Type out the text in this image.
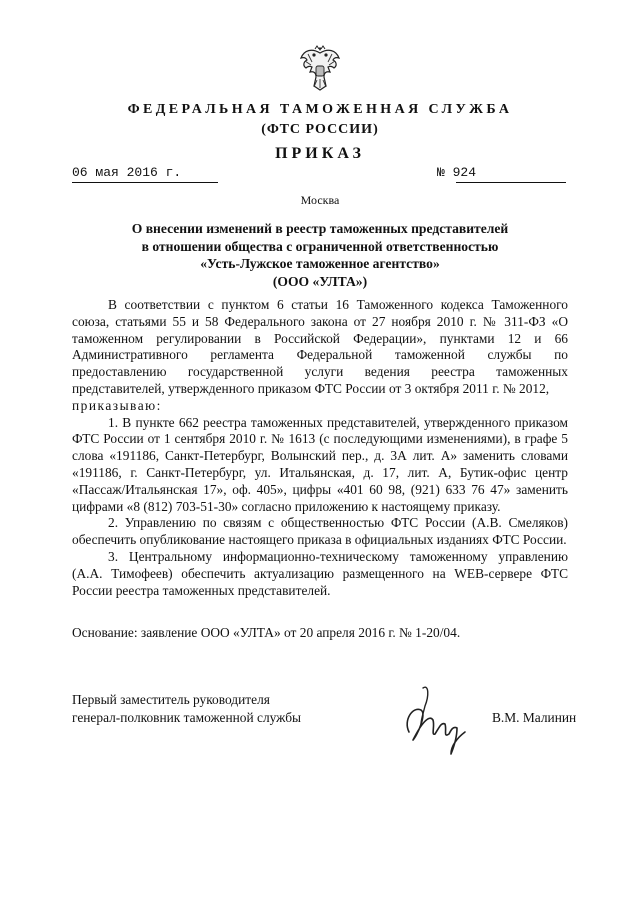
ФЕДЕРАЛЬНАЯ ТАМОЖЕННАЯ СЛУЖБА
(ФТС РОССИИ)
ПРИКАЗ
06 мая 2016 г.	№ 924
Москва
О внесении изменений в реестр таможенных представителей
в отношении общества с ограниченной ответственностью
«Усть-Лужское таможенное агентство»
(ООО «УЛТА»)

В соответствии с пунктом 6 статьи 16 Таможенного кодекса Таможенного союза, статьями 55 и 58 Федерального закона от 27 ноября 2010 г. № 311-ФЗ «О таможенном регулировании в Российской Федерации», пунктами 12 и 66 Административного регламента Федеральной таможенной службы по предоставлению государственной услуги ведения реестра таможенных представителей, утвержденного приказом ФТС России от 3 октября 2011 г. № 2012,

приказываю:

1. В пункте 662 реестра таможенных представителей, утвержденного приказом ФТС России от 1 сентября 2010 г. № 1613 (с последующими изменениями), в графе 5 слова «191186, Санкт-Петербург, Волынский пер., д. 3А лит. А» заменить словами «191186, г. Санкт-Петербург, ул. Итальянская, д. 17, лит. А, Бутик-офис центр «Пассаж/Итальянская 17», оф. 405», цифры «401 60 98, (921) 633 76 47» заменить цифрами «8 (812) 703-51-30» согласно приложению к настоящему приказу.

2. Управлению по связям с общественностью ФТС России (А.В. Смеляков) обеспечить опубликование настоящего приказа в официальных изданиях ФТС России.

3. Центральному информационно-техническому таможенному управлению (А.А. Тимофеев) обеспечить актуализацию размещенного на WEB-сервере ФТС России реестра таможенных представителей.

Основание: заявление ООО «УЛТА» от 20 апреля 2016 г. № 1-20/04.
Первый заместитель руководителя
генерал-полковник таможенной службы	В.М. Малинин
